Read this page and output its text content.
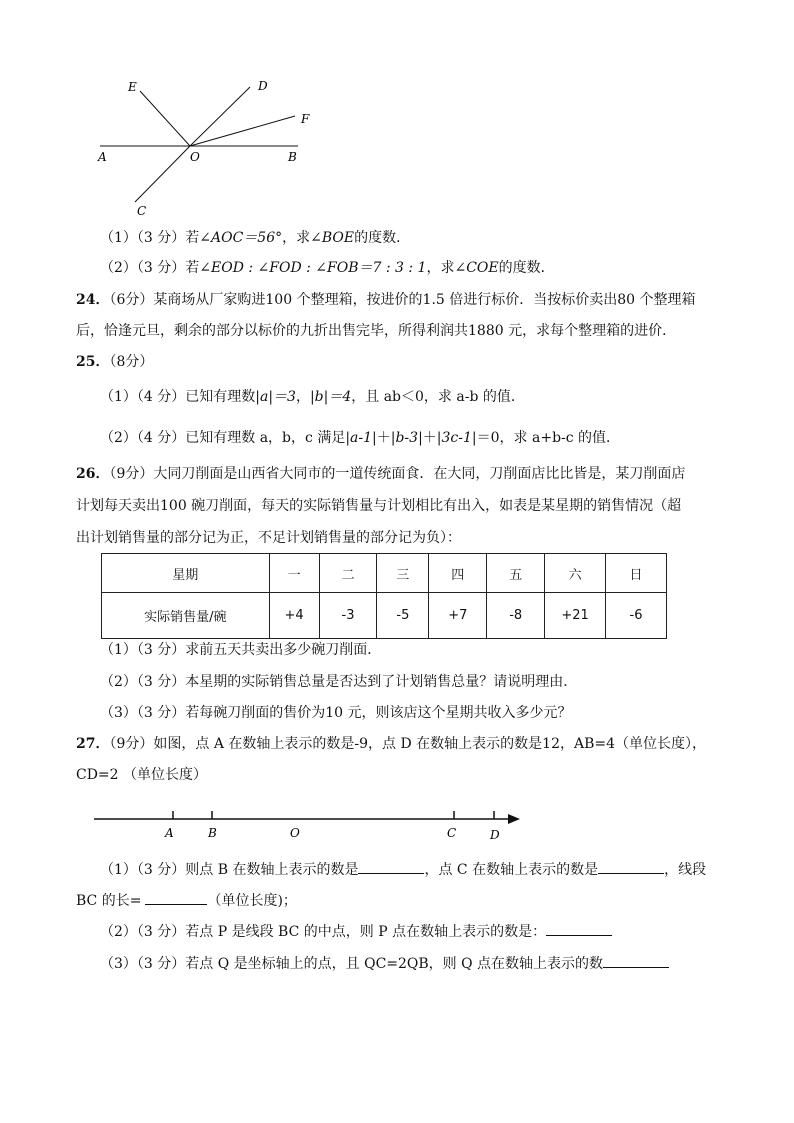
E	D
F
A	O	B
C
（1）（3 分）若∠AOC＝56°，求∠BOE的度数．
（2）（3 分）若∠EOD : ∠FOD : ∠FOB＝7 : 3 : 1，求∠COE的度数．
24．（6分）某商场从厂家购进100 个整理箱，按进价的1.5 倍进行标价．当按标价卖出80 个整理箱
后，恰逢元旦，剩余的部分以标价的九折出售完毕，所得利润共1880 元，求每个整理箱的进价．
25．（8分）
（1）（4 分）已知有理数|a|＝3，|b|＝4，且 ab＜0，求 a-b 的值．
（2）（4 分）已知有理数 a，b，c 满足|a-1|＋|b-3|＋|3c-1|＝0，求 a+b-c 的值．
26．（9分）大同刀削面是山西省大同市的一道传统面食．在大同，刀削面店比比皆是，某刀削面店
计划每天卖出100 碗刀削面，每天的实际销售量与计划相比有出入，如表是某星期的销售情况（超
出计划销售量的部分记为正，不足计划销售量的部分记为负）：
星期	一	二	三	四	五	六	日
实际销售量/碗	+4	-3	-5	+7	-8	+21	-6
（1）（3 分）求前五天共卖出多少碗刀削面．
（2）（3 分）本星期的实际销售总量是否达到了计划销售总量？请说明理由．
（3）（3 分）若每碗刀削面的售价为10 元，则该店这个星期共收入多少元？
27．（9分）如图，点 A 在数轴上表示的数是-9，点 D 在数轴上表示的数是12，AB=4（单位长度），
CD=2 （单位长度）
A	B	O	C	D
（1）（3 分）则点 B 在数轴上表示的数是	，点 C 在数轴上表示的数是	，线段
BC 的长=	（单位长度)；
（2）（3 分）若点 P 是线段 BC 的中点，则 P 点在数轴上表示的数是：
（3）（3 分）若点 Q 是坐标轴上的点，且 QC=2QB，则 Q 点在数轴上表示的数
